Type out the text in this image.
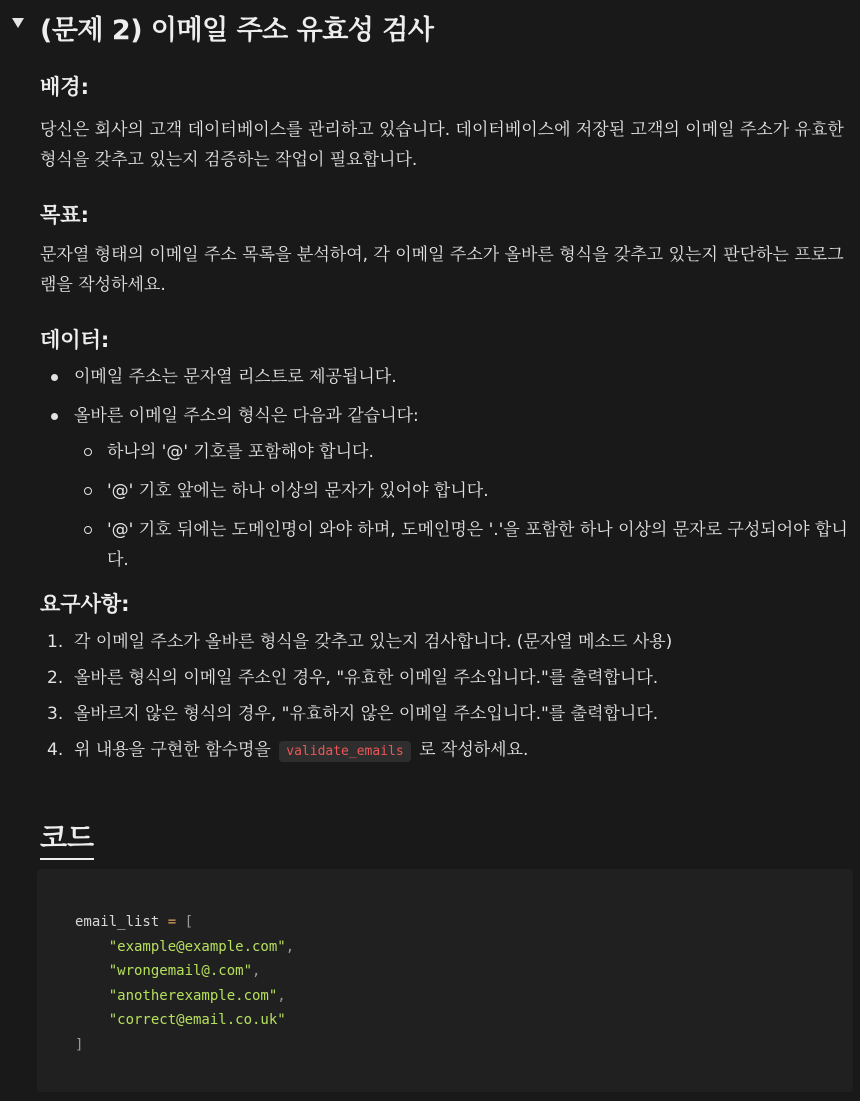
(문제 2) 이메일 주소 유효성 검사
배경:

당신은 회사의 고객 데이터베이스를 관리하고 있습니다. 데이터베이스에 저장된 고객의 이메일 주소가 유효한 형식을 갖추고 있는지 검증하는 작업이 필요합니다.

목표:

문자열 형태의 이메일 주소 목록을 분석하여, 각 이메일 주소가 올바른 형식을 갖추고 있는지 판단하는 프로그램을 작성하세요.

데이터:
이메일 주소는 문자열 리스트로 제공됩니다.
올바른 이메일 주소의 형식은 다음과 같습니다:
하나의 '@' 기호를 포함해야 합니다.
'@' 기호 앞에는 하나 이상의 문자가 있어야 합니다.
'@' 기호 뒤에는 도메인명이 와야 하며, 도메인명은 '.'을 포함한 하나 이상의 문자로 구성되어야 합니다.
요구사항:
1. 각 이메일 주소가 올바른 형식을 갖추고 있는지 검사합니다. (문자열 메소드 사용)
2. 올바른 형식의 이메일 주소인 경우, "유효한 이메일 주소입니다."를 출력합니다.
3. 올바르지 않은 형식의 경우, "유효하지 않은 이메일 주소입니다."를 출력합니다.
4. 위 내용을 구현한 함수명을 validate_emails 로 작성하세요.
코드
email_list = [
"example@example.com",
"wrongemail@.com",
"anotherexample.com",
"correct@email.co.uk"
]
